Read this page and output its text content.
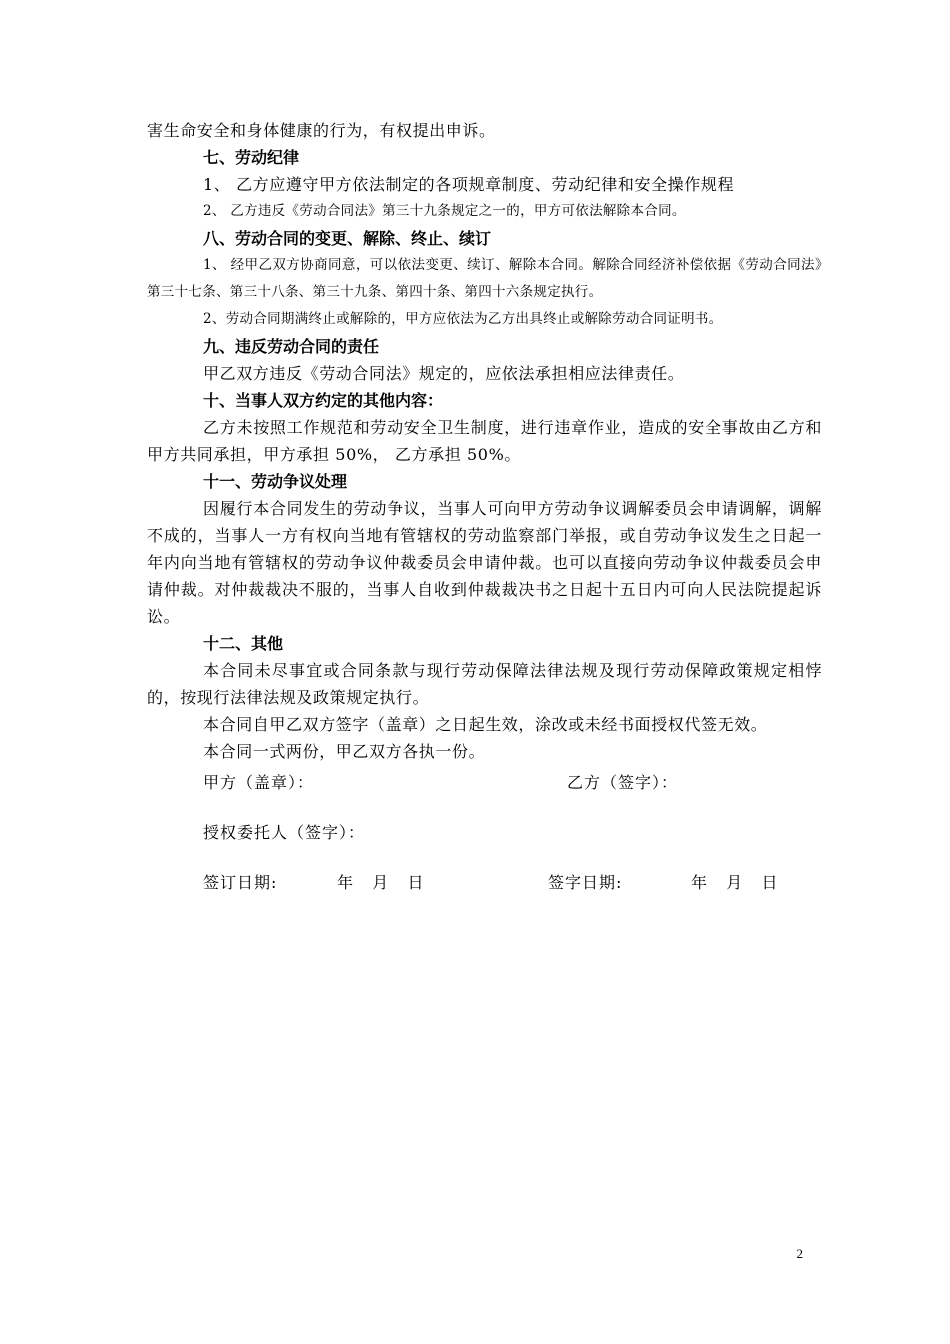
害生命安全和身体健康的行为，有权提出申诉。

七、劳动纪律

1、 乙方应遵守甲方依法制定的各项规章制度、劳动纪律和安全操作规程

2、 乙方违反《劳动合同法》第三十九条规定之一的，甲方可依法解除本合同。

八、劳动合同的变更、解除、终止、续订

1、 经甲乙双方协商同意，可以依法变更、续订、解除本合同。解除合同经济补偿依据《劳动合同法》第三十七条、第三十八条、第三十九条、第四十条、第四十六条规定执行。

2、劳动合同期满终止或解除的，甲方应依法为乙方出具终止或解除劳动合同证明书。

九、违反劳动合同的责任

甲乙双方违反《劳动合同法》规定的，应依法承担相应法律责任。

十、当事人双方约定的其他内容：

乙方未按照工作规范和劳动安全卫生制度，进行违章作业，造成的安全事故由乙方和甲方共同承担，甲方承担 50%， 乙方承担 50%。

十一、劳动争议处理

因履行本合同发生的劳动争议，当事人可向甲方劳动争议调解委员会申请调解，调解不成的，当事人一方有权向当地有管辖权的劳动监察部门举报，或自劳动争议发生之日起一年内向当地有管辖权的劳动争议仲裁委员会申请仲裁。也可以直接向劳动争议仲裁委员会申请仲裁。对仲裁裁决不服的，当事人自收到仲裁裁决书之日起十五日内可向人民法院提起诉讼。

十二、其他

本合同未尽事宜或合同条款与现行劳动保障法律法规及现行劳动保障政策规定相悖的，按现行法律法规及政策规定执行。

本合同自甲乙双方签字（盖章）之日起生效，涂改或未经书面授权代签无效。

本合同一式两份，甲乙双方各执一份。

甲方（盖章）：	乙方（签字）：
授权委托人（签字）：
签订日期:	年   月   日	签字日期:	年   月   日
2
